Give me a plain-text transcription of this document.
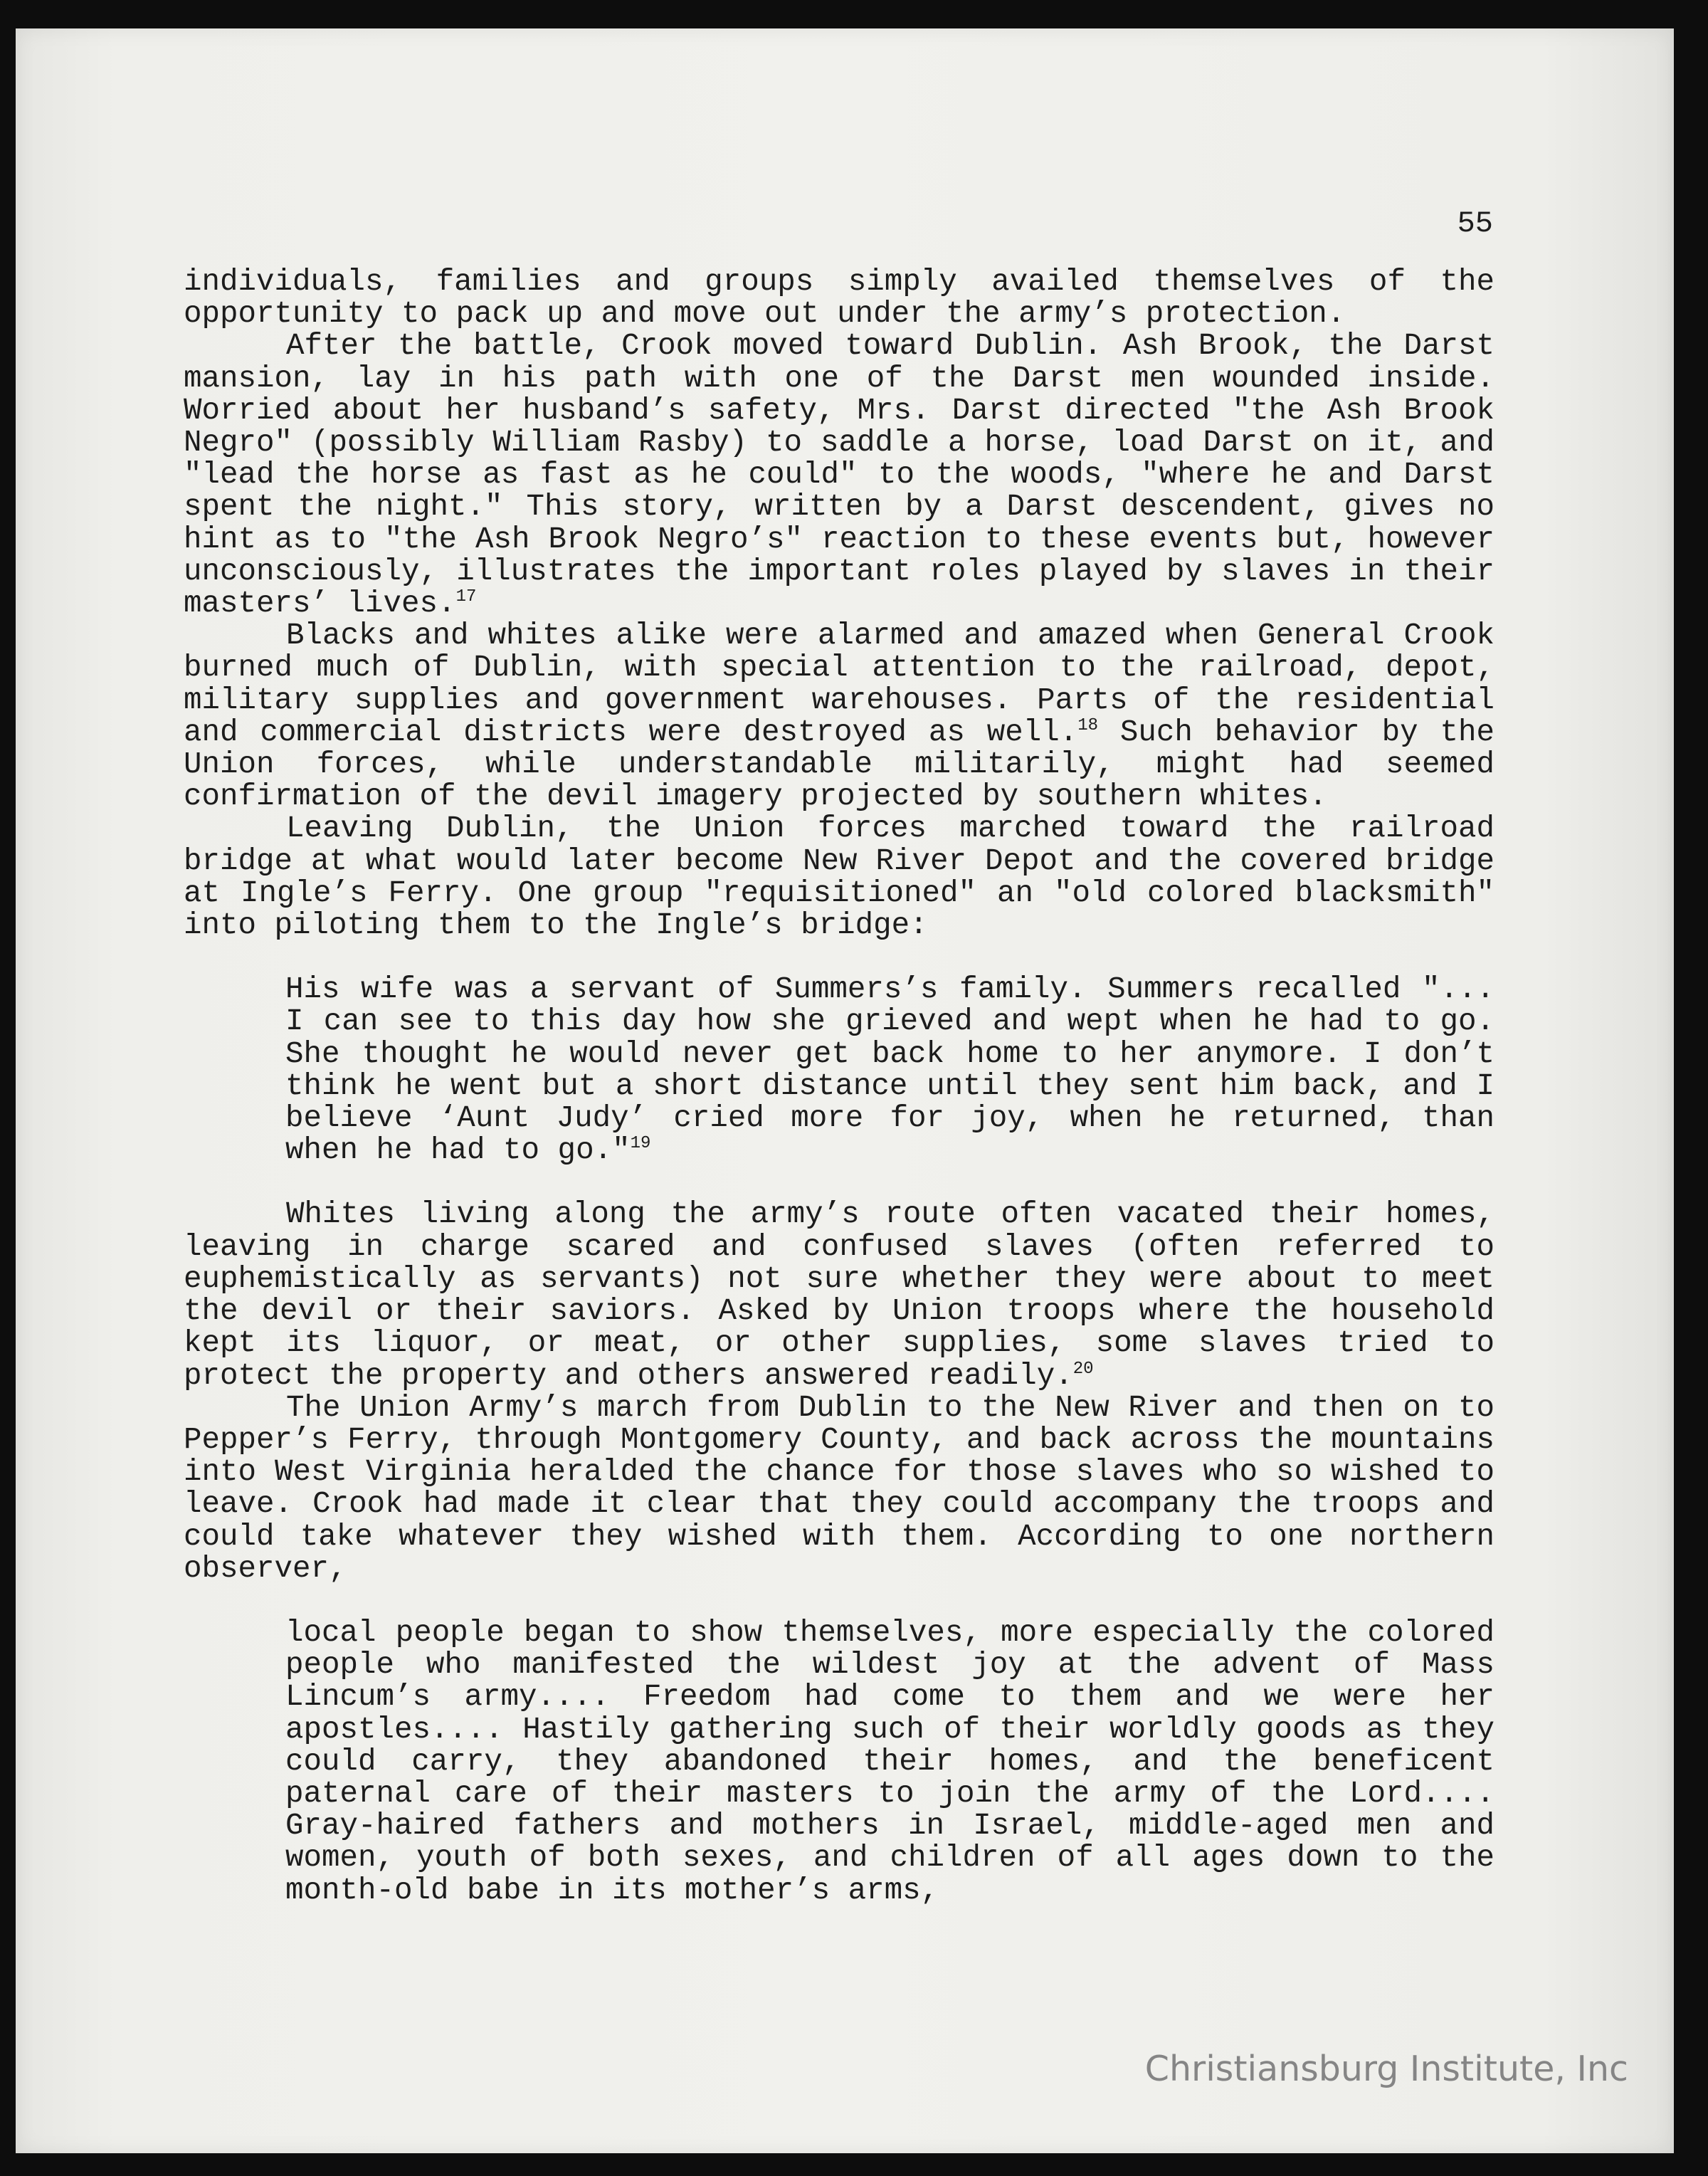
55

individuals, families and groups simply availed themselves of the opportunity to pack up and move out under the army’s protection.

After the battle, Crook moved toward Dublin. Ash Brook, the Darst mansion, lay in his path with one of the Darst men wounded inside. Worried about her husband’s safety, Mrs. Darst directed "the Ash Brook Negro" (possibly William Rasby) to saddle a horse, load Darst on it, and "lead the horse as fast as he could" to the woods, "where he and Darst spent the night." This story, written by a Darst descendent, gives no hint as to "the Ash Brook Negro’s" reaction to these events but, however unconsciously, illustrates the important roles played by slaves in their masters’ lives.$^{17}$

Blacks and whites alike were alarmed and amazed when General Crook burned much of Dublin, with special attention to the railroad, depot, military supplies and government warehouses. Parts of the residential and commercial districts were destroyed as well.$^{18}$ Such behavior by the Union forces, while understandable militarily, might had seemed confirmation of the devil imagery projected by southern whites.

Leaving Dublin, the Union forces marched toward the railroad bridge at what would later become New River Depot and the covered bridge at Ingle’s Ferry. One group "requisitioned" an "old colored blacksmith" into piloting them to the Ingle’s bridge:

His wife was a servant of Summers’s family. Summers recalled "... I can see to this day how she grieved and wept when he had to go. She thought he would never get back home to her anymore. I don’t think he went but a short distance until they sent him back, and I believe ‘Aunt Judy’ cried more for joy, when he returned, than when he had to go."$^{19}$

Whites living along the army’s route often vacated their homes, leaving in charge scared and confused slaves (often referred to euphemistically as servants) not sure whether they were about to meet the devil or their saviors. Asked by Union troops where the household kept its liquor, or meat, or other supplies, some slaves tried to protect the property and others answered readily.$^{20}$

The Union Army’s march from Dublin to the New River and then on to Pepper’s Ferry, through Montgomery County, and back across the mountains into West Virginia heralded the chance for those slaves who so wished to leave. Crook had made it clear that they could accompany the troops and could take whatever they wished with them. According to one northern observer,

local people began to show themselves, more especially the colored people who manifested the wildest joy at the advent of Mass Lincum’s army.... Freedom had come to them and we were her apostles.... Hastily gathering such of their worldly goods as they could carry, they abandoned their homes, and the beneficent paternal care of their masters to join the army of the Lord.... Gray-haired fathers and mothers in Israel, middle-aged men and women, youth of both sexes, and children of all ages down to the month-old babe in its mother’s arms,

Christiansburg Institute, Inc
